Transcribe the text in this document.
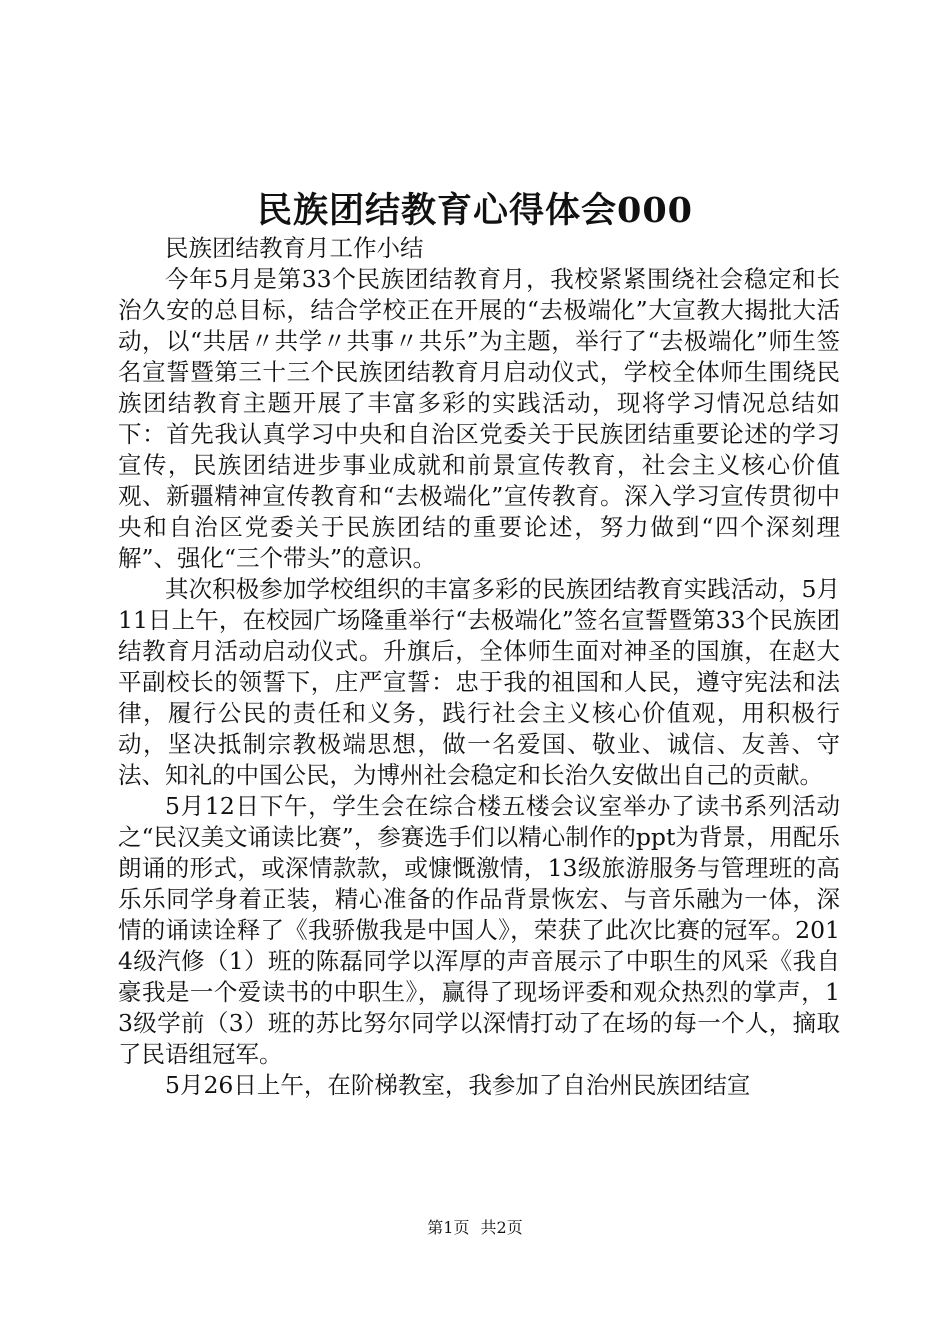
民族团结教育心得体会000

民族团结教育月工作小结

今年5月是第33个民族团结教育月，我校紧紧围绕社会稳定和长治久安的总目标，结合学校正在开展的“去极端化”大宣教大揭批大活动，以“共居〃共学〃共事〃共乐”为主题，举行了“去极端化”师生签名宣誓暨第三十三个民族团结教育月启动仪式，学校全体师生围绕民族团结教育主题开展了丰富多彩的实践活动，现将学习情况总结如下：首先我认真学习中央和自治区党委关于民族团结重要论述的学习宣传，民族团结进步事业成就和前景宣传教育，社会主义核心价值观、新疆精神宣传教育和“去极端化”宣传教育。深入学习宣传贯彻中央和自治区党委关于民族团结的重要论述，努力做到“四个深刻理解”、强化“三个带头”的意识。

其次积极参加学校组织的丰富多彩的民族团结教育实践活动，5月11日上午，在校园广场隆重举行“去极端化”签名宣誓暨第33个民族团结教育月活动启动仪式。升旗后，全体师生面对神圣的国旗，在赵大平副校长的领誓下，庄严宣誓：忠于我的祖国和人民，遵守宪法和法律，履行公民的责任和义务，践行社会主义核心价值观，用积极行动，坚决抵制宗教极端思想，做一名爱国、敬业、诚信、友善、守法、知礼的中国公民，为博州社会稳定和长治久安做出自己的贡献。

5月12日下午，学生会在综合楼五楼会议室举办了读书系列活动之“民汉美文诵读比赛”，参赛选手们以精心制作的ppt为背景，用配乐朗诵的形式，或深情款款，或慷慨激情，13级旅游服务与管理班的高乐乐同学身着正装，精心准备的作品背景恢宏、与音乐融为一体，深情的诵读诠释了《我骄傲我是中国人》，荣获了此次比赛的冠军。2014级汽修（1）班的陈磊同学以浑厚的声音展示了中职生的风采《我自豪我是一个爱读书的中职生》，赢得了现场评委和观众热烈的掌声，13级学前（3）班的苏比努尔同学以深情打动了在场的每一个人，摘取了民语组冠军。

5月26日上午，在阶梯教室，我参加了自治州民族团结宣

第1页 共2页
